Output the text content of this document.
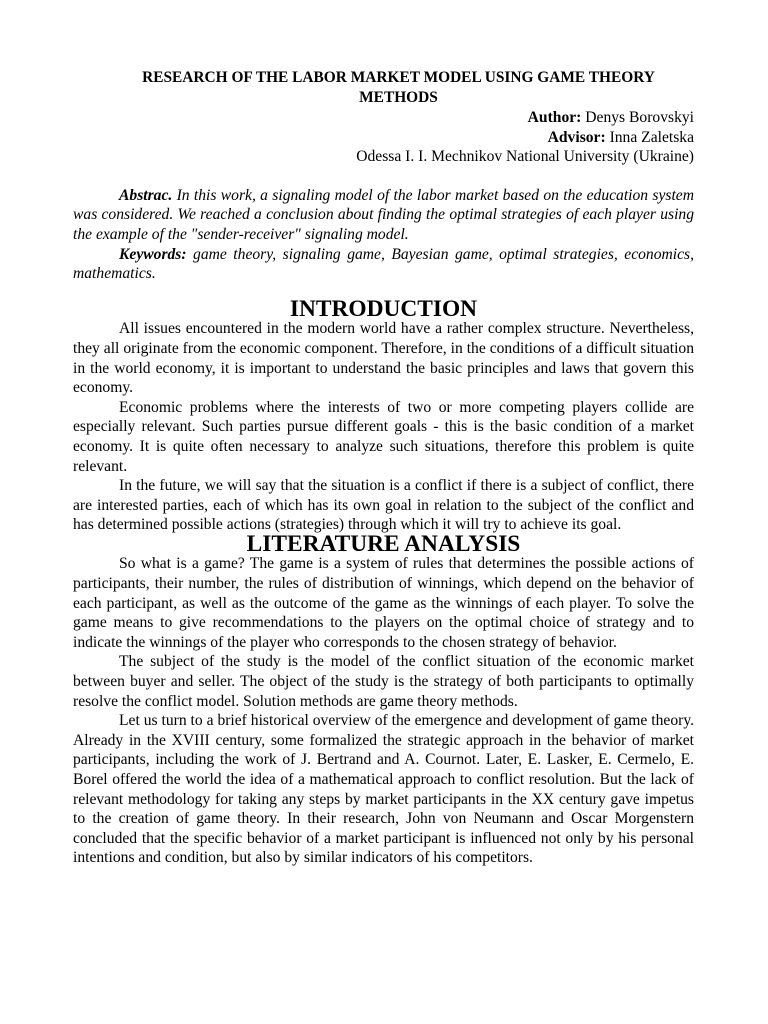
RESEARCH OF THE LABOR MARKET MODEL USING GAME THEORY METHODS

Author: Denys Borovskyi

Advisor: Inna Zaletska

Odessa I. I. Mechnikov National University (Ukraine)

Abstrac. In this work, a signaling model of the labor market based on the education system was considered. We reached a conclusion about finding the optimal strategies of each player using the example of the "sender-receiver" signaling model.

Keywords: game theory, signaling game, Bayesian game, optimal strategies, economics, mathematics.

INTRODUCTION

All issues encountered in the modern world have a rather complex structure. Nevertheless, they all originate from the economic component. Therefore, in the conditions of a difficult situation in the world economy, it is important to understand the basic principles and laws that govern this economy.

Economic problems where the interests of two or more competing players collide are especially relevant. Such parties pursue different goals - this is the basic condition of a market economy. It is quite often necessary to analyze such situations, therefore this problem is quite relevant.

In the future, we will say that the situation is a conflict if there is a subject of conflict, there are interested parties, each of which has its own goal in relation to the subject of the conflict and has determined possible actions (strategies) through which it will try to achieve its goal.

LITERATURE ANALYSIS

So what is a game? The game is a system of rules that determines the possible actions of participants, their number, the rules of distribution of winnings, which depend on the behavior of each participant, as well as the outcome of the game as the winnings of each player. To solve the game means to give recommendations to the players on the optimal choice of strategy and to indicate the winnings of the player who corresponds to the chosen strategy of behavior.

The subject of the study is the model of the conflict situation of the economic market between buyer and seller. The object of the study is the strategy of both participants to optimally resolve the conflict model. Solution methods are game theory methods.

Let us turn to a brief historical overview of the emergence and development of game theory. Already in the XVIII century, some formalized the strategic approach in the behavior of market participants, including the work of J. Bertrand and A. Cournot. Later, E. Lasker, E. Cermelo, E. Borel offered the world the idea of a mathematical approach to conflict resolution. But the lack of relevant methodology for taking any steps by market participants in the XX century gave impetus to the creation of game theory. In their research, John von Neumann and Oscar Morgenstern concluded that the specific behavior of a market participant is influenced not only by his personal intentions and condition, but also by similar indicators of his competitors.
